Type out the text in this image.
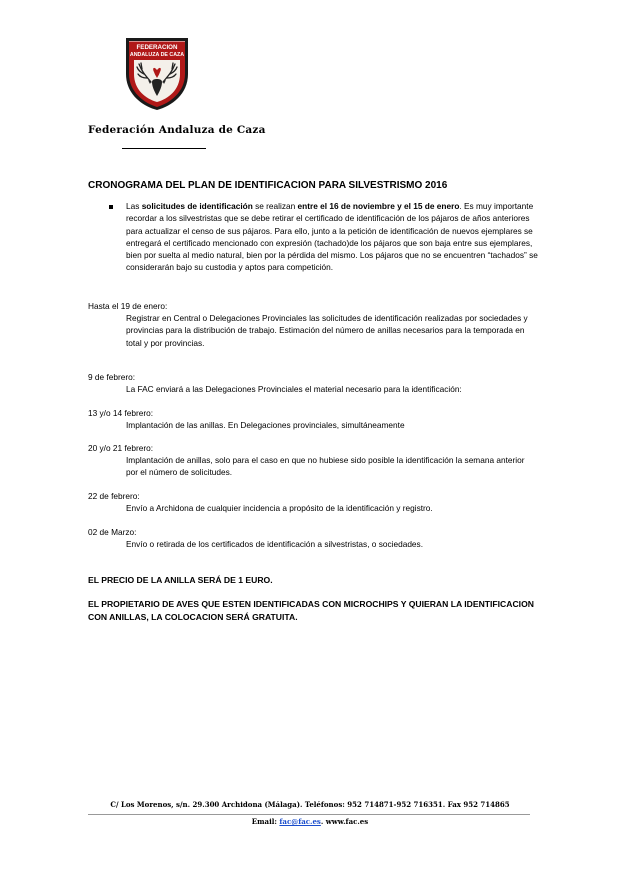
FEDERACION
ANDALUZA DE CAZA
Federación Andaluza de Caza
CRONOGRAMA DEL PLAN DE IDENTIFICACION PARA SILVESTRISMO 2016
Las solicitudes de identificación se realizan entre el 16 de noviembre y el 15 de enero. Es muy importante recordar a los silvestristas que se debe retirar el certificado de identificación de los pájaros de años anteriores para actualizar el censo de sus pájaros. Para ello, junto a la petición de identificación de nuevos ejemplares se entregará el certificado mencionado con expresión (tachado)de los pájaros que son baja entre sus ejemplares, bien por suelta al medio natural, bien por la pérdida del mismo. Los pájaros que no se encuentren “tachados” se considerarán bajo su custodia y aptos para competición.
Hasta el 19 de enero:
Registrar en Central o Delegaciones Provinciales las solicitudes de identificación realizadas por sociedades y provincias para la distribución de trabajo. Estimación del número de anillas necesarios para la temporada en total y por provincias.
9 de febrero:
La FAC enviará a las Delegaciones Provinciales el material necesario para la identificación:
13 y/o 14 febrero:
Implantación de las anillas. En Delegaciones provinciales, simultáneamente
20 y/o 21 febrero:
Implantación de anillas, solo para el caso en que no hubiese sido posible la identificación la semana anterior por el número de solicitudes.
22 de febrero:
Envío a Archidona de cualquier incidencia a propósito de la identificación y registro.
02 de Marzo:
Envío o retirada de los certificados de identificación a silvestristas, o sociedades.
EL PRECIO DE LA ANILLA SERÁ DE 1 EURO.
EL PROPIETARIO DE AVES QUE ESTEN IDENTIFICADAS CON MICROCHIPS Y QUIERAN LA IDENTIFICACION CON ANILLAS, LA COLOCACION SERÁ GRATUITA.
C/ Los Morenos, s/n. 29.300 Archidona (Málaga). Teléfonos: 952 714871-952 716351. Fax 952 714865
Email: fac@fac.es. www.fac.es
